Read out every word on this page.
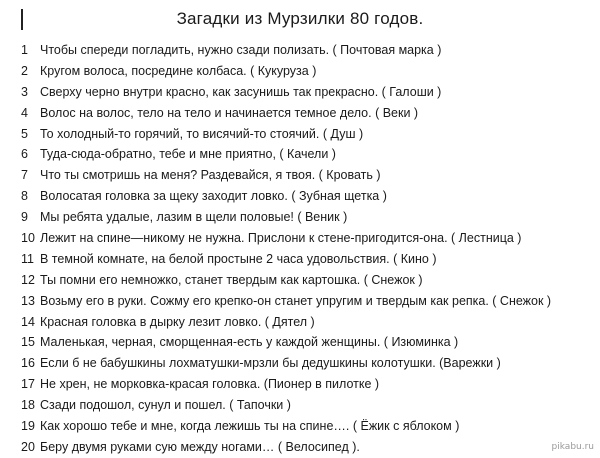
Загадки из Мурзилки 80 годов.
1 Чтобы спереди погладить, нужно сзади полизать. ( Почтовая марка )
2 Кругом волоса, посредине колбаса. ( Кукуруза )
3 Сверху черно внутри красно, как засунишь так прекрасно. ( Галоши )
4 Волос на волос, тело на тело и начинается темное дело. ( Веки )
5 То холодный-то горячий, то висячий-то стоячий. ( Душ )
6 Туда-сюда-обратно, тебе и мне приятно, ( Качели )
7 Что ты смотришь на меня? Раздевайся, я твоя. ( Кровать )
8 Волосатая головка за щеку заходит ловко. ( Зубная щетка )
9 Мы ребята удалые, лазим в щели половые! ( Веник )
10 Лежит на спине—никому не нужна. Прислони к стене-пригодится-она. ( Лестница )
11 В темной комнате, на белой простыне 2 часа удовольствия. ( Кино )
12 Ты помни его немножко, станет твердым как картошка. ( Снежок )
13 Возьму его в руки. Сожму его крепко-он станет упругим и твердым как репка. ( Снежок )
14 Красная головка в дырку лезит ловко. ( Дятел )
15 Маленькая, черная, сморщенная-есть у каждой женщины. ( Изюминка )
16 Если б не бабушкины лохматушки-мрзли бы дедушкины колотушки. (Варежки )
17 Не хрен, не морковка-красая головка. (Пионер в пилотке )
18 Сзади подошол, сунул и пошел. ( Тапочки )
19 Как хорошо тебе и мне, когда лежишь ты на спине…. ( Ёжик с яблоком )
20 Беру двумя руками сую между ногами… ( Велосипед ).	pikabu.ru
